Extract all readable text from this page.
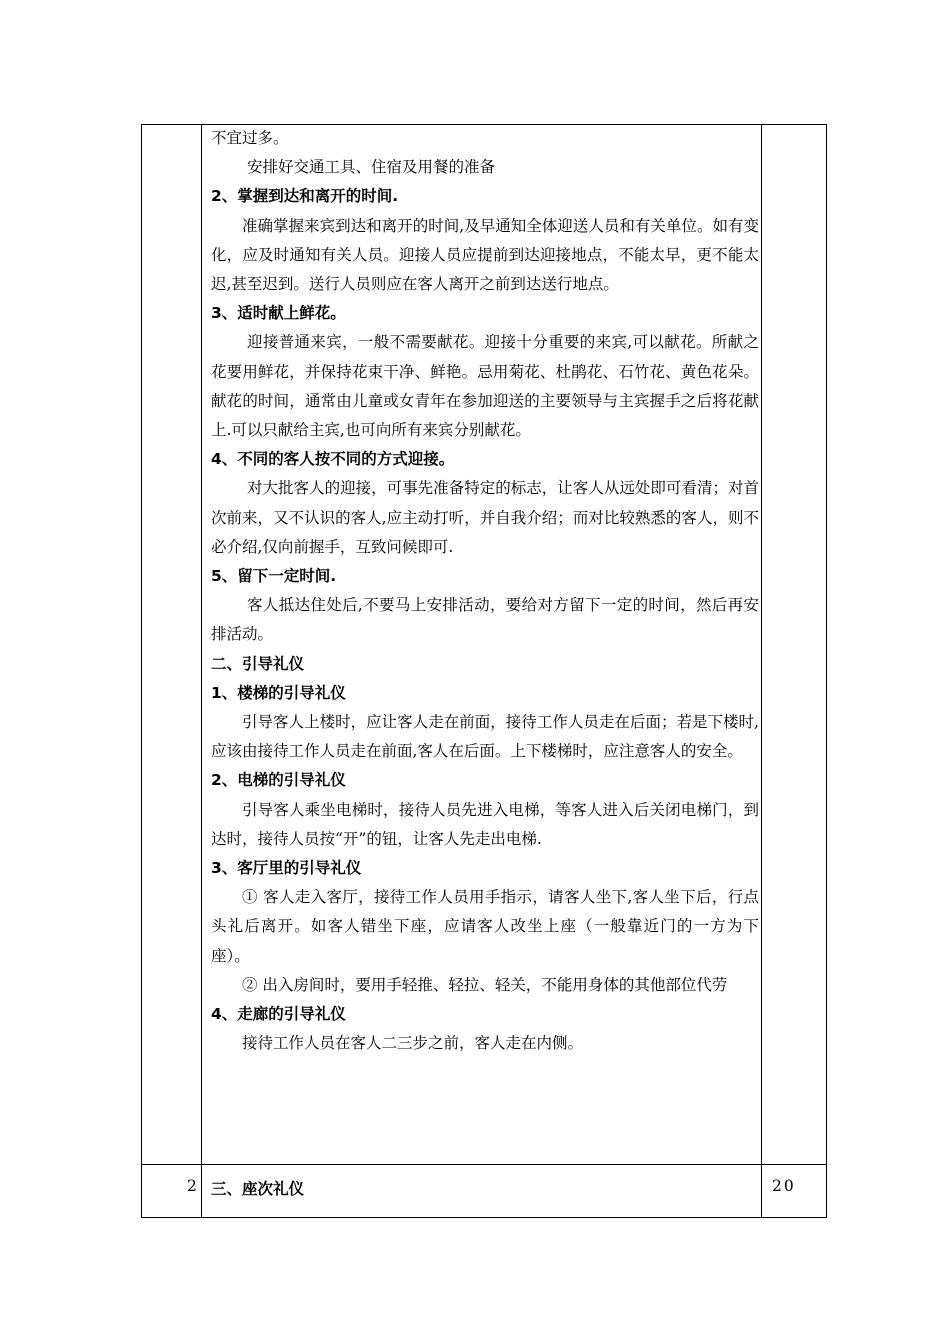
不宜过多。

安排好交通工具、住宿及用餐的准备

2、掌握到达和离开的时间.

准确掌握来宾到达和离开的时间,及早通知全体迎送人员和有关单位。如有变化，应及时通知有关人员。迎接人员应提前到达迎接地点，不能太早，更不能太迟,甚至迟到。送行人员则应在客人离开之前到达送行地点。

3、适时献上鲜花。

迎接普通来宾，一般不需要献花。迎接十分重要的来宾,可以献花。所献之花要用鲜花，并保持花束干净、鲜艳。忌用菊花、杜鹃花、石竹花、黄色花朵。献花的时间，通常由儿童或女青年在参加迎送的主要领导与主宾握手之后将花献上.可以只献给主宾,也可向所有来宾分别献花。

4、不同的客人按不同的方式迎接。

对大批客人的迎接，可事先准备特定的标志，让客人从远处即可看清；对首次前来，又不认识的客人,应主动打听，并自我介绍；而对比较熟悉的客人，则不必介绍,仅向前握手，互致问候即可.

5、留下一定时间.

客人抵达住处后,不要马上安排活动，要给对方留下一定的时间，然后再安排活动。

二、引导礼仪

1、楼梯的引导礼仪

引导客人上楼时，应让客人走在前面，接待工作人员走在后面；若是下楼时,应该由接待工作人员走在前面,客人在后面。上下楼梯时，应注意客人的安全。

2、电梯的引导礼仪

引导客人乘坐电梯时，接待人员先进入电梯，等客人进入后关闭电梯门，到达时，接待人员按“开”的钮，让客人先走出电梯.

3、客厅里的引导礼仪

① 客人走入客厅，接待工作人员用手指示，请客人坐下,客人坐下后，行点头礼后离开。如客人错坐下座，应请客人改坐上座（一般靠近门的一方为下座）。

② 出入房间时，要用手轻推、轻拉、轻关，不能用身体的其他部位代劳

4、走廊的引导礼仪

接待工作人员在客人二三步之前，客人走在内侧。

2 三、座次礼仪	20
